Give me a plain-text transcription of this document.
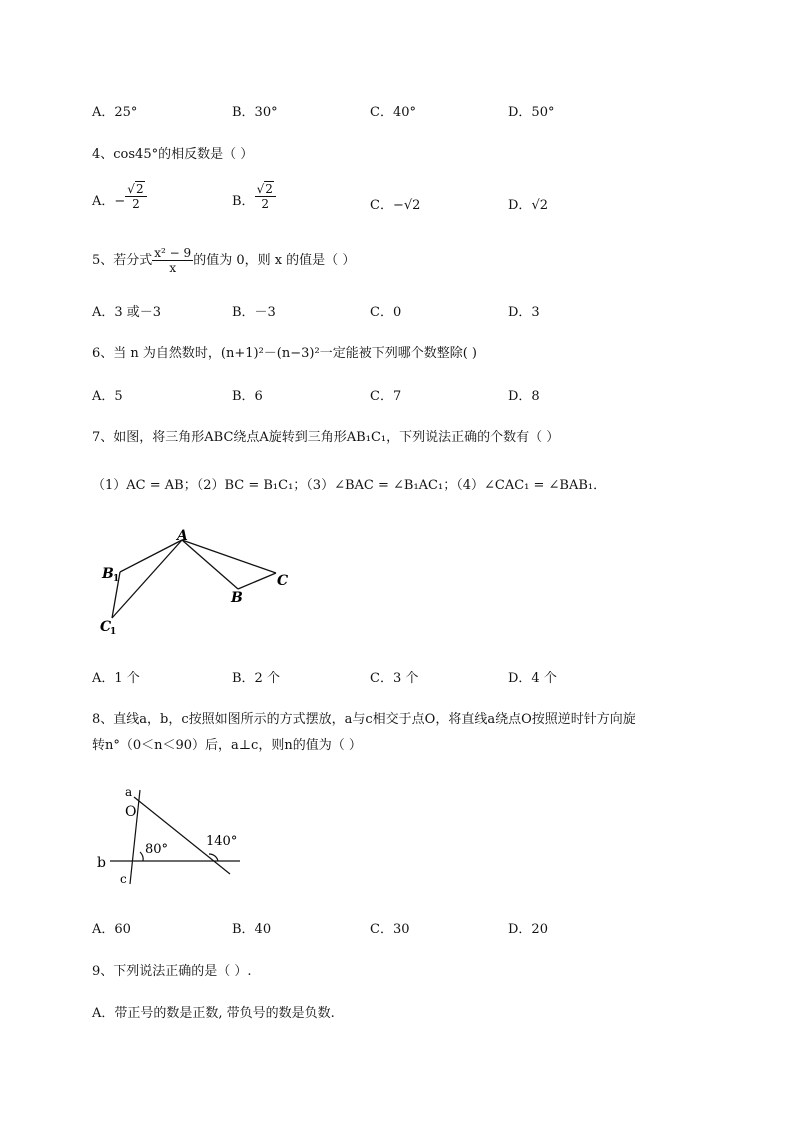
A．25°	B．30°	C．40°	D．50°
4、cos45°的相反数是（ ）
A．− $\frac{√2}{2}$	B． $\frac{√2}{2}$	C．−√2	D．√2
5、若分式 $\frac{\text{x² − 9}}{x}$ 的值为 0，则 x 的值是（ ）
A．3 或－3	B．－3	C．0	D．3
6、当 n 为自然数时，(n+1)²－(n−3)²一定能被下列哪个数整除( )
A．5	B．6	C．7	D．8
7、如图，将三角形ABC绕点A旋转到三角形AB₁C₁，下列说法正确的个数有（ ）
（1）AC = AB；（2）BC = B₁C₁；（3）∠BAC = ∠B₁AC₁；（4）∠CAC₁ = ∠BAB₁．
A
B 1
C
1
B
C
A．1 个	B．2 个	C．3 个	D．4 个
8、直线a，b，c按照如图所示的方式摆放，a与c相交于点O，将直线a绕点O按照逆时针方向旋
转n°（0＜n＜90）后，a⊥c，则n的值为（ ）
a
O
b
c
80°
140°
A．60	B．40	C．30	D．20
9、下列说法正确的是（ ）.
A．带正号的数是正数, 带负号的数是负数.
